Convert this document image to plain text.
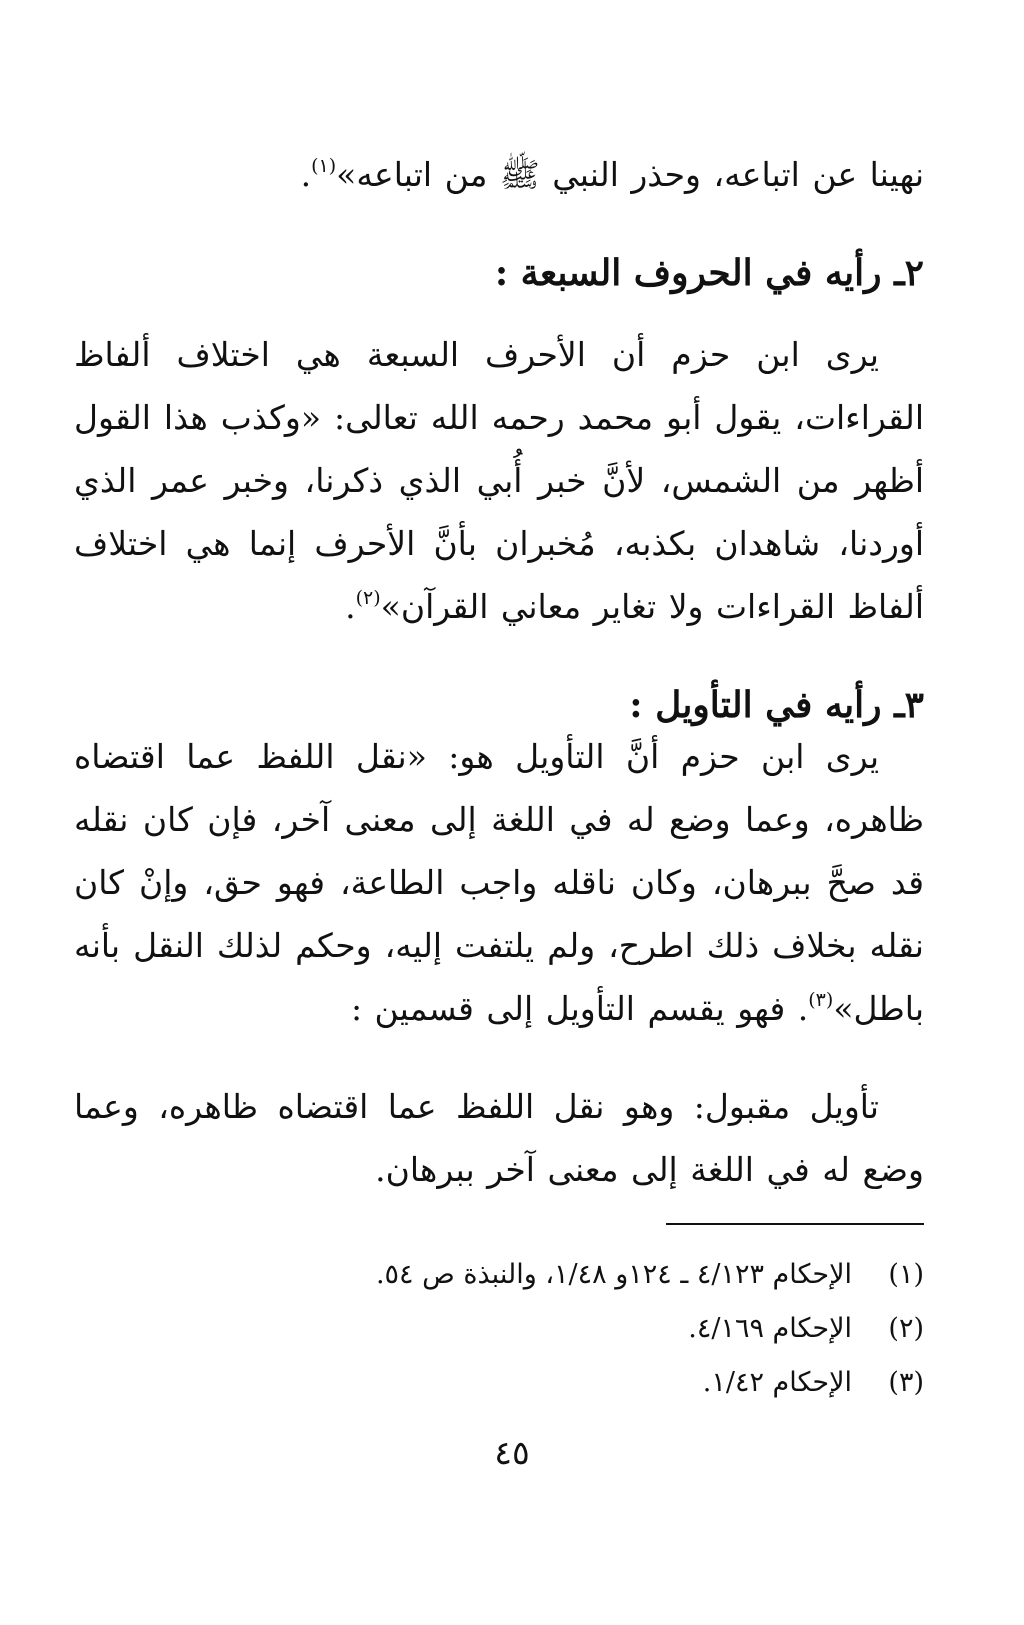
نهينا عن اتباعه، وحذر النبي ﷺ من اتباعه»$^{(١)}$.
٢ـ رأيه في الحروف السبعة :
يرى ابن حزم أن الأحرف السبعة هي اختلاف ألفاظ القراءات، يقول أبو محمد رحمه الله تعالى: «وكذب هذا القول أظهر من الشمس، لأنَّ خبر أُبي الذي ذكرنا، وخبر عمر الذي أوردنا، شاهدان بكذبه، مُخبران بأنَّ الأحرف إنما هي اختلاف ألفاظ القراءات ولا تغاير معاني القرآن»$^{(٢)}$.
٣ـ رأيه في التأويل :
يرى ابن حزم أنَّ التأويل هو: «نقل اللفظ عما اقتضاه ظاهره، وعما وضع له في اللغة إلى معنى آخر، فإن كان نقله قد صحَّ ببرهان، وكان ناقله واجب الطاعة، فهو حق، وإنْ كان نقله بخلاف ذلك اطرح، ولم يلتفت إليه، وحكم لذلك النقل بأنه باطل»$^{(٣)}$. فهو يقسم التأويل إلى قسمين :
تأويل مقبول: وهو نقل اللفظ عما اقتضاه ظاهره، وعما وضع له في اللغة إلى معنى آخر ببرهان.
(١)
الإحكام ٤/١٢٣ ـ ١٢٤و ١/٤٨، والنبذة ص ٥٤.
(٢)
الإحكام ٤/١٦٩.
(٣)
الإحكام ١/٤٢.
٤٥
